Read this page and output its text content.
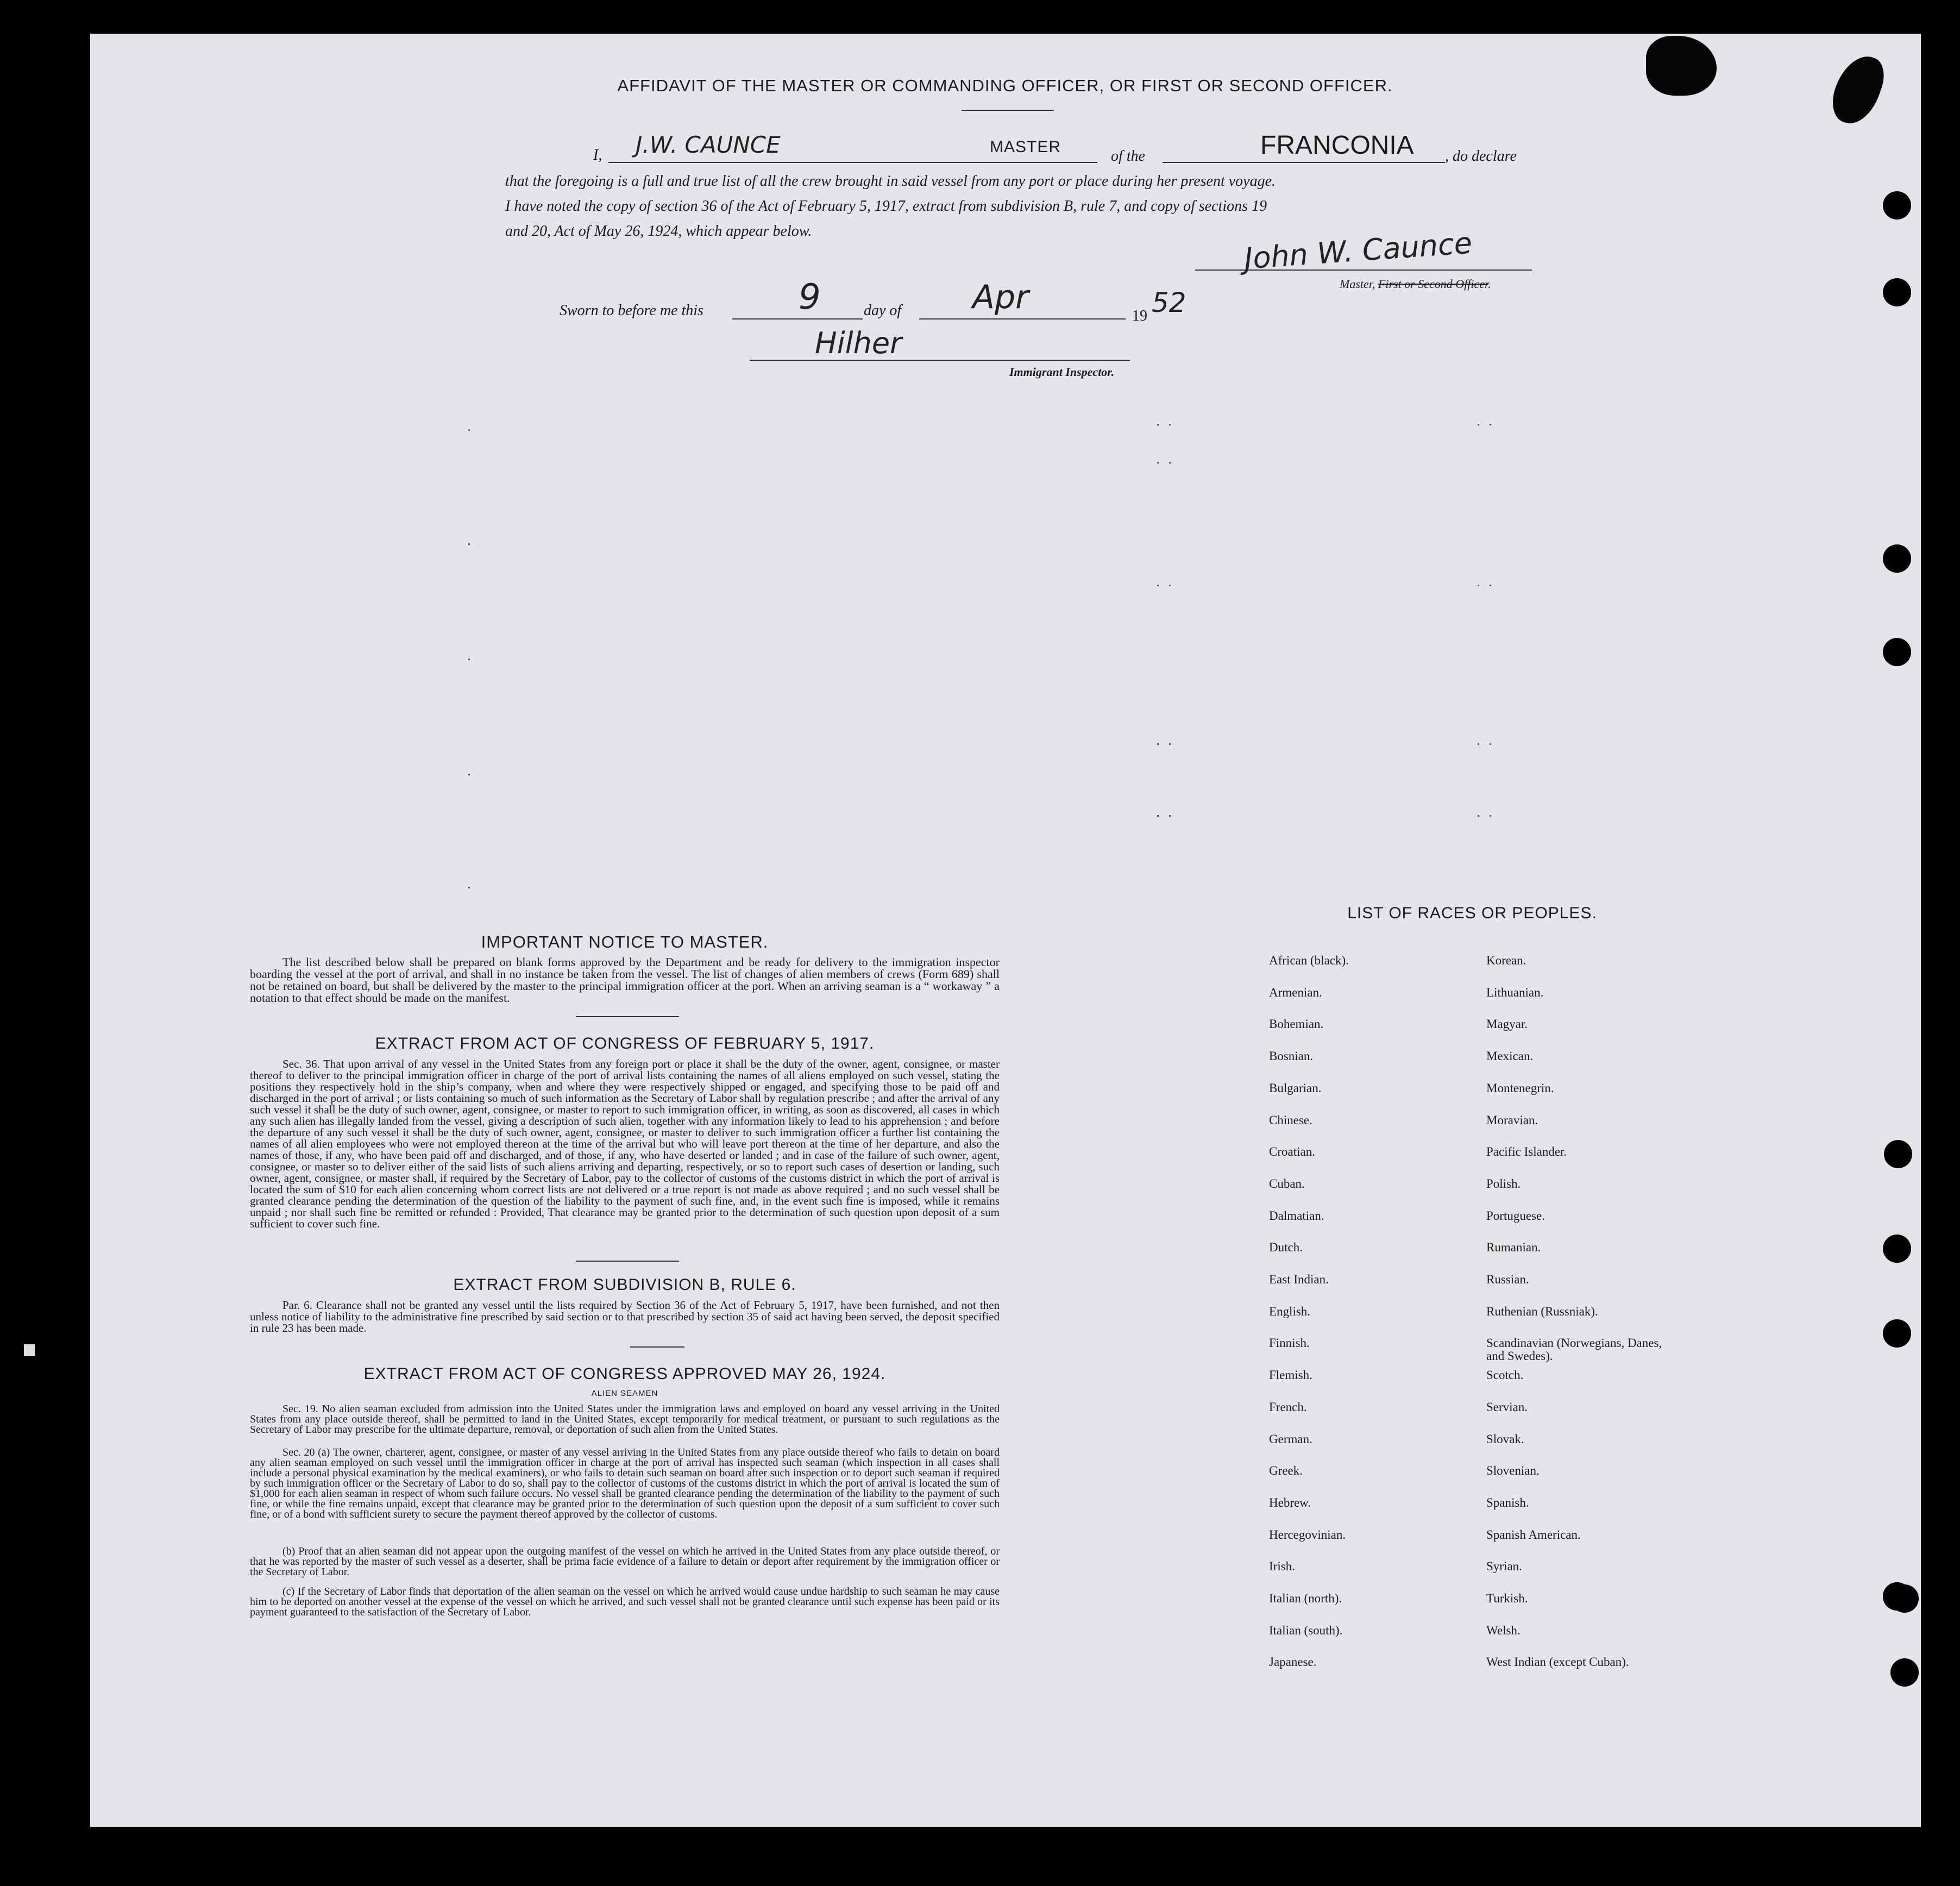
AFFIDAVIT OF THE MASTER OR COMMANDING OFFICER, OR FIRST OR SECOND OFFICER.
I, J.W. CAUNCE	MASTER
of the	FRANCONIA , do declare
that the foregoing is a full and true list of all the crew brought in said vessel from any port or place during her present voyage.
I have noted the copy of section 36 of the Act of February 5, 1917, extract from subdivision B, rule 7, and copy of sections 19
and 20, Act of May 26, 1924, which appear below.	John W. Caunce
Master, First or Second Officer.
Sworn to before me this	9	day of Apr	19 52
Hilher
Immigrant Inspector.
IMPORTANT NOTICE TO MASTER.
The list described below shall be prepared on blank forms approved by the Department and be ready for delivery to the immigration inspector boarding the vessel at the port of arrival, and shall in no instance be taken from the vessel. The list of changes of alien members of crews (Form 689) shall not be retained on board, but shall be delivered by the master to the principal immigration officer at the port. When an arriving seaman is a “ workaway ” a notation to that effect should be made on the manifest.
EXTRACT FROM ACT OF CONGRESS OF FEBRUARY 5, 1917.
Sec. 36. That upon arrival of any vessel in the United States from any foreign port or place it shall be the duty of the owner, agent, consignee, or master thereof to deliver to the principal immigration officer in charge of the port of arrival lists containing the names of all aliens employed on such vessel, stating the positions they respectively hold in the ship’s company, when and where they were respectively shipped or engaged, and specifying those to be paid off and discharged in the port of arrival ; or lists containing so much of such information as the Secretary of Labor shall by regulation prescribe ; and after the arrival of any such vessel it shall be the duty of such owner, agent, consignee, or master to report to such immigration officer, in writing, as soon as discovered, all cases in which any such alien has illegally landed from the vessel, giving a description of such alien, together with any information likely to lead to his apprehension ; and before the departure of any such vessel it shall be the duty of such owner, agent, consignee, or master to deliver to such immigration officer a further list containing the names of all alien employees who were not employed thereon at the time of the arrival but who will leave port thereon at the time of her departure, and also the names of those, if any, who have been paid off and discharged, and of those, if any, who have deserted or landed ; and in case of the failure of such owner, agent, consignee, or master so to deliver either of the said lists of such aliens arriving and departing, respectively, or so to report such cases of desertion or landing, such owner, agent, consignee, or master shall, if required by the Secretary of Labor, pay to the collector of customs of the customs district in which the port of arrival is located the sum of $10 for each alien concerning whom correct lists are not delivered or a true report is not made as above required ; and no such vessel shall be granted clearance pending the determination of the question of the liability to the payment of such fine, and, in the event such fine is imposed, while it remains unpaid ; nor shall such fine be remitted or refunded : Provided, That clearance may be granted prior to the determination of such question upon deposit of a sum sufficient to cover such fine.
EXTRACT FROM SUBDIVISION B, RULE 6.
Par. 6. Clearance shall not be granted any vessel until the lists required by Section 36 of the Act of February 5, 1917, have been furnished, and not then unless notice of liability to the administrative fine prescribed by said section or to that prescribed by section 35 of said act having been served, the deposit specified in rule 23 has been made.
EXTRACT FROM ACT OF CONGRESS APPROVED MAY 26, 1924.
ALIEN SEAMEN
Sec. 19. No alien seaman excluded from admission into the United States under the immigration laws and employed on board any vessel arriving in the United States from any place outside thereof, shall be permitted to land in the United States, except temporarily for medical treatment, or pursuant to such regulations as the Secretary of Labor may prescribe for the ultimate departure, removal, or deportation of such alien from the United States.
Sec. 20 (a) The owner, charterer, agent, consignee, or master of any vessel arriving in the United States from any place outside thereof who fails to detain on board any alien seaman employed on such vessel until the immigration officer in charge at the port of arrival has inspected such seaman (which inspection in all cases shall include a personal physical examination by the medical examiners), or who fails to detain such seaman on board after such inspection or to deport such seaman if required by such immigration officer or the Secretary of Labor to do so, shall pay to the collector of customs of the customs district in which the port of arrival is located the sum of $1,000 for each alien seaman in respect of whom such failure occurs. No vessel shall be granted clearance pending the determination of the liability to the payment of such fine, or while the fine remains unpaid, except that clearance may be granted prior to the determination of such question upon the deposit of a sum sufficient to cover such fine, or of a bond with sufficient surety to secure the payment thereof approved by the collector of customs.
(b) Proof that an alien seaman did not appear upon the outgoing manifest of the vessel on which he arrived in the United States from any place outside thereof, or that he was reported by the master of such vessel as a deserter, shall be prima facie evidence of a failure to detain or deport after requirement by the immigration officer or the Secretary of Labor.
(c) If the Secretary of Labor finds that deportation of the alien seaman on the vessel on which he arrived would cause undue hardship to such seaman he may cause him to be deported on another vessel at the expense of the vessel on which he arrived, and such vessel shall not be granted clearance until such expense has been paid or its payment guaranteed to the satisfaction of the Secretary of Labor.
LIST OF RACES OR PEOPLES.
African (black).
Armenian.
Bohemian.
Bosnian.
Bulgarian.
Chinese.
Croatian.
Cuban.
Dalmatian.
Dutch.
East Indian.
English.
Finnish.
Flemish.
French.
German.
Greek.
Hebrew.
Hercegovinian.
Irish.
Italian (north).
Italian (south).
Japanese.
Korean.
Lithuanian.
Magyar.
Mexican.
Montenegrin.
Moravian.
Pacific Islander.
Polish.
Portuguese.
Rumanian.
Russian.
Ruthenian (Russniak).
Scandinavian (Norwegians, Danes, and Swedes).
Scotch.
Servian.
Slovak.
Slovenian.
Spanish.
Spanish American.
Syrian.
Turkish.
Welsh.
West Indian (except Cuban).
